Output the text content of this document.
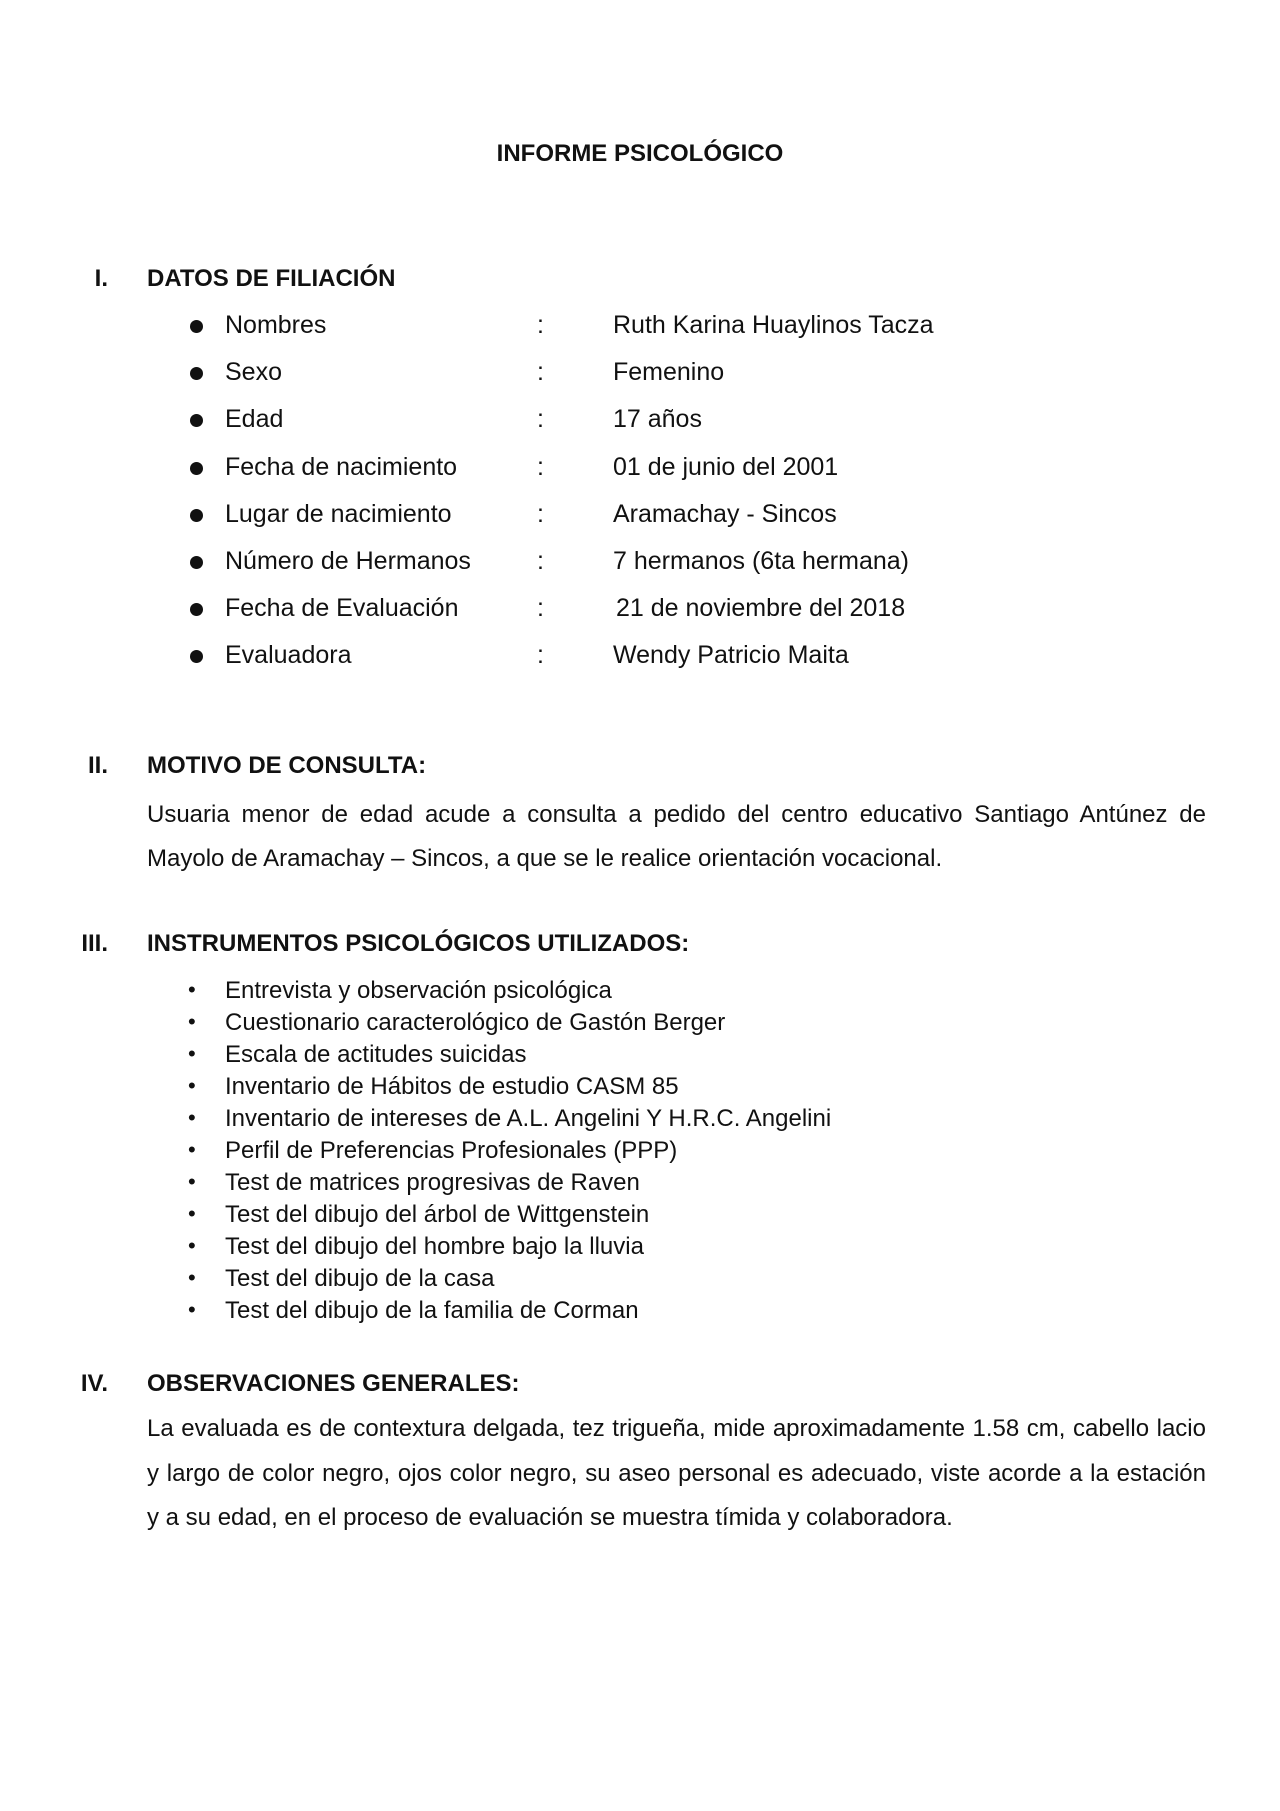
INFORME PSICOLÓGICO
I. DATOS DE FILIACIÓN
Nombres	:	Ruth Karina Huaylinos Tacza
Sexo	:	Femenino
Edad	:	17 años
Fecha de nacimiento	:	01 de junio del 2001
Lugar de nacimiento	:	Aramachay - Sincos
Número de Hermanos	:	7 hermanos (6ta hermana)
Fecha de Evaluación	:	21 de noviembre del 2018
Evaluadora	:	Wendy Patricio Maita
II. MOTIVO DE CONSULTA:
Usuaria menor de edad acude a consulta a pedido del centro educativo Santiago Antúnez de Mayolo de Aramachay – Sincos, a que se le realice orientación vocacional.
III. INSTRUMENTOS PSICOLÓGICOS UTILIZADOS:
• Entrevista y observación psicológica
• Cuestionario caracterológico de Gastón Berger
• Escala de actitudes suicidas
• Inventario de Hábitos de estudio CASM 85
• Inventario de intereses de A.L. Angelini Y H.R.C. Angelini
• Perfil de Preferencias Profesionales (PPP)
• Test de matrices progresivas de Raven
• Test del dibujo del árbol de Wittgenstein
• Test del dibujo del hombre bajo la lluvia
• Test del dibujo de la casa
• Test del dibujo de la familia de Corman
IV. OBSERVACIONES GENERALES:
La evaluada es de contextura delgada, tez trigueña, mide aproximadamente 1.58 cm, cabello lacio y largo de color negro, ojos color negro, su aseo personal es adecuado, viste acorde a la estación y a su edad, en el proceso de evaluación se muestra tímida y colaboradora.
